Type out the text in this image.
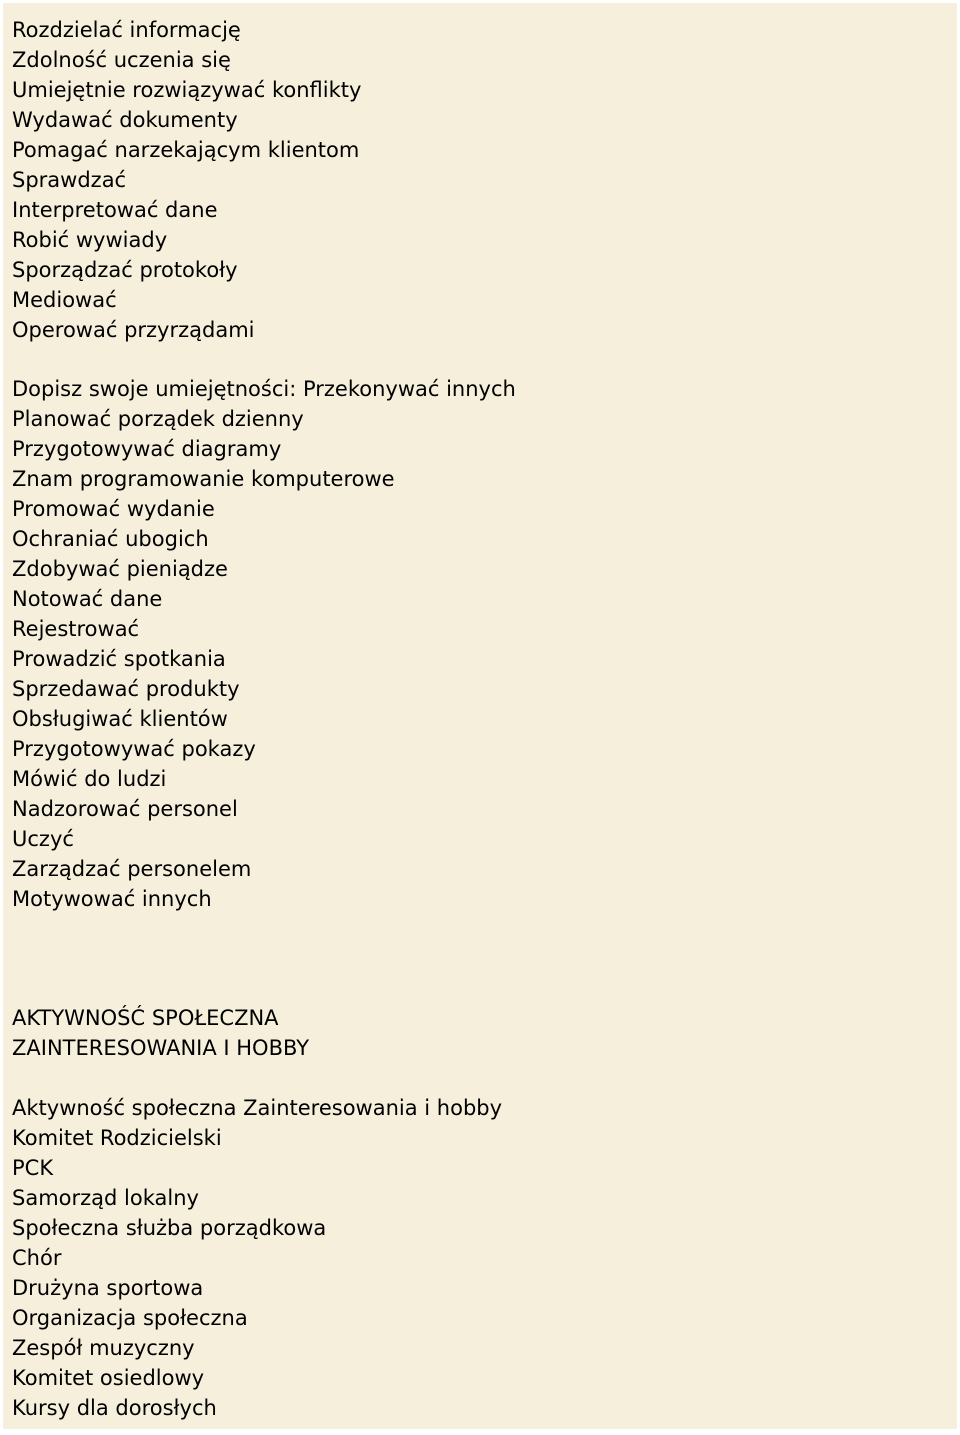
Rozdzielać informację

Zdolność uczenia się

Umiejętnie rozwiązywać konflikty

Wydawać dokumenty

Pomagać narzekającym klientom

Sprawdzać

Interpretować dane

Robić wywiady

Sporządzać protokoły

Mediować

Operować przyrządami

Dopisz swoje umiejętności: Przekonywać innych

Planować porządek dzienny

Przygotowywać diagramy

Znam programowanie komputerowe

Promować wydanie

Ochraniać ubogich

Zdobywać pieniądze

Notować dane

Rejestrować

Prowadzić spotkania

Sprzedawać produkty

Obsługiwać klientów

Przygotowywać pokazy

Mówić do ludzi

Nadzorować personel

Uczyć

Zarządzać personelem

Motywować innych

AKTYWNOŚĆ SPOŁECZNA

ZAINTERESOWANIA I HOBBY

Aktywność społeczna Zainteresowania i hobby

Komitet Rodzicielski

PCK

Samorząd lokalny

Społeczna służba porządkowa

Chór

Drużyna sportowa

Organizacja społeczna

Zespół muzyczny

Komitet osiedlowy

Kursy dla dorosłych
